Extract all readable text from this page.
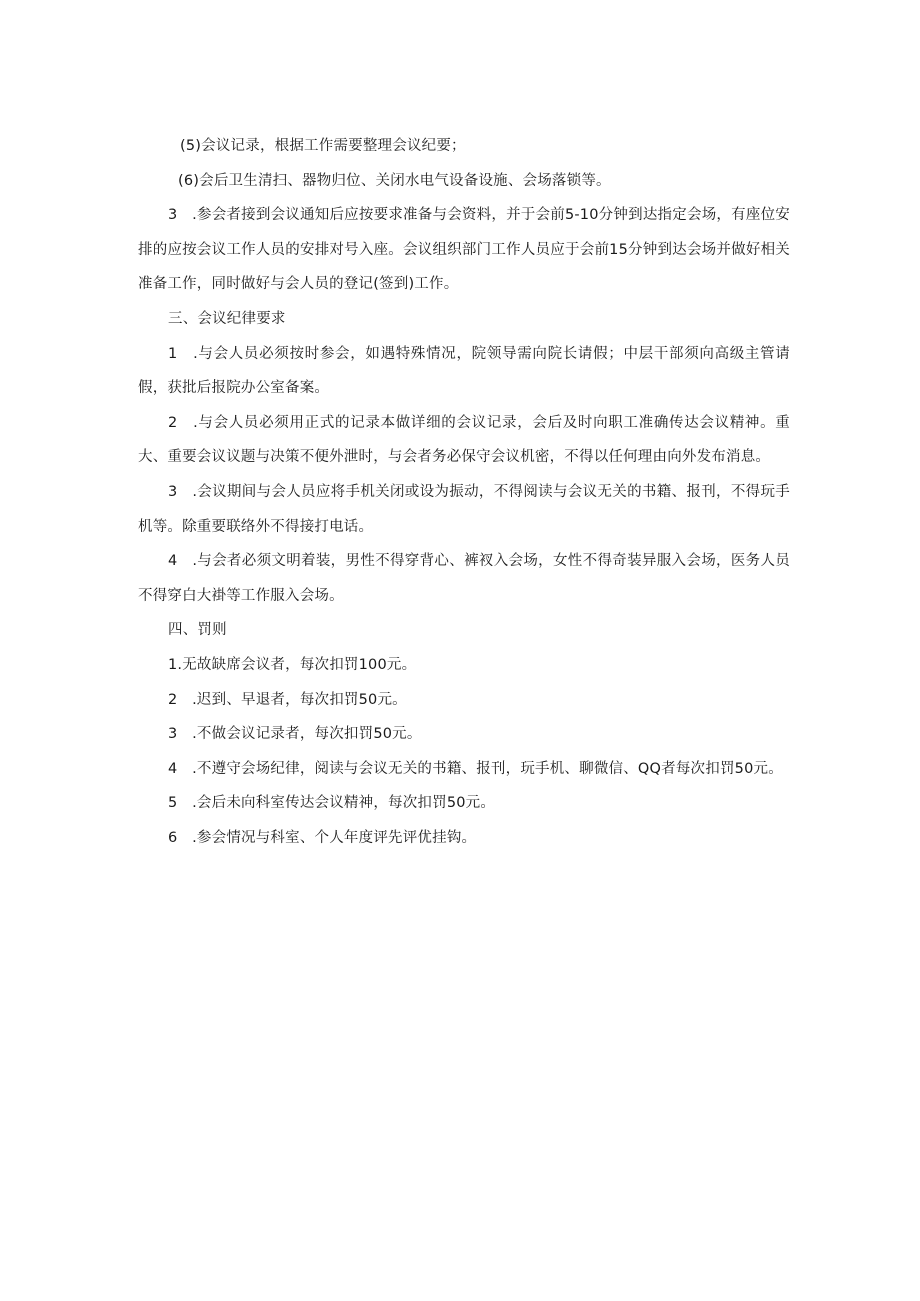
(5)会议记录，根据工作需要整理会议纪要；

(6)会后卫生清扫、器物归位、关闭水电气设备设施、会场落锁等。

3　.参会者接到会议通知后应按要求准备与会资料，并于会前5-10分钟到达指定会场，有座位安排的应按会议工作人员的安排对号入座。会议组织部门工作人员应于会前15分钟到达会场并做好相关准备工作，同时做好与会人员的登记(签到)工作。

三、会议纪律要求

1　.与会人员必须按时参会，如遇特殊情况，院领导需向院长请假；中层干部须向高级主管请假，获批后报院办公室备案。

2　.与会人员必须用正式的记录本做详细的会议记录，会后及时向职工准确传达会议精神。重大、重要会议议题与决策不便外泄时，与会者务必保守会议机密，不得以任何理由向外发布消息。

3　.会议期间与会人员应将手机关闭或设为振动，不得阅读与会议无关的书籍、报刊，不得玩手机等。除重要联络外不得接打电话。

4　.与会者必须文明着装，男性不得穿背心、裤衩入会场，女性不得奇装异服入会场，医务人员不得穿白大褂等工作服入会场。

四、罚则

1.无故缺席会议者，每次扣罚100元。

2　.迟到、早退者，每次扣罚50元。

3　.不做会议记录者，每次扣罚50元。

4　.不遵守会场纪律，阅读与会议无关的书籍、报刊，玩手机、聊微信、QQ者每次扣罚50元。

5　.会后未向科室传达会议精神，每次扣罚50元。

6　.参会情况与科室、个人年度评先评优挂钩。
